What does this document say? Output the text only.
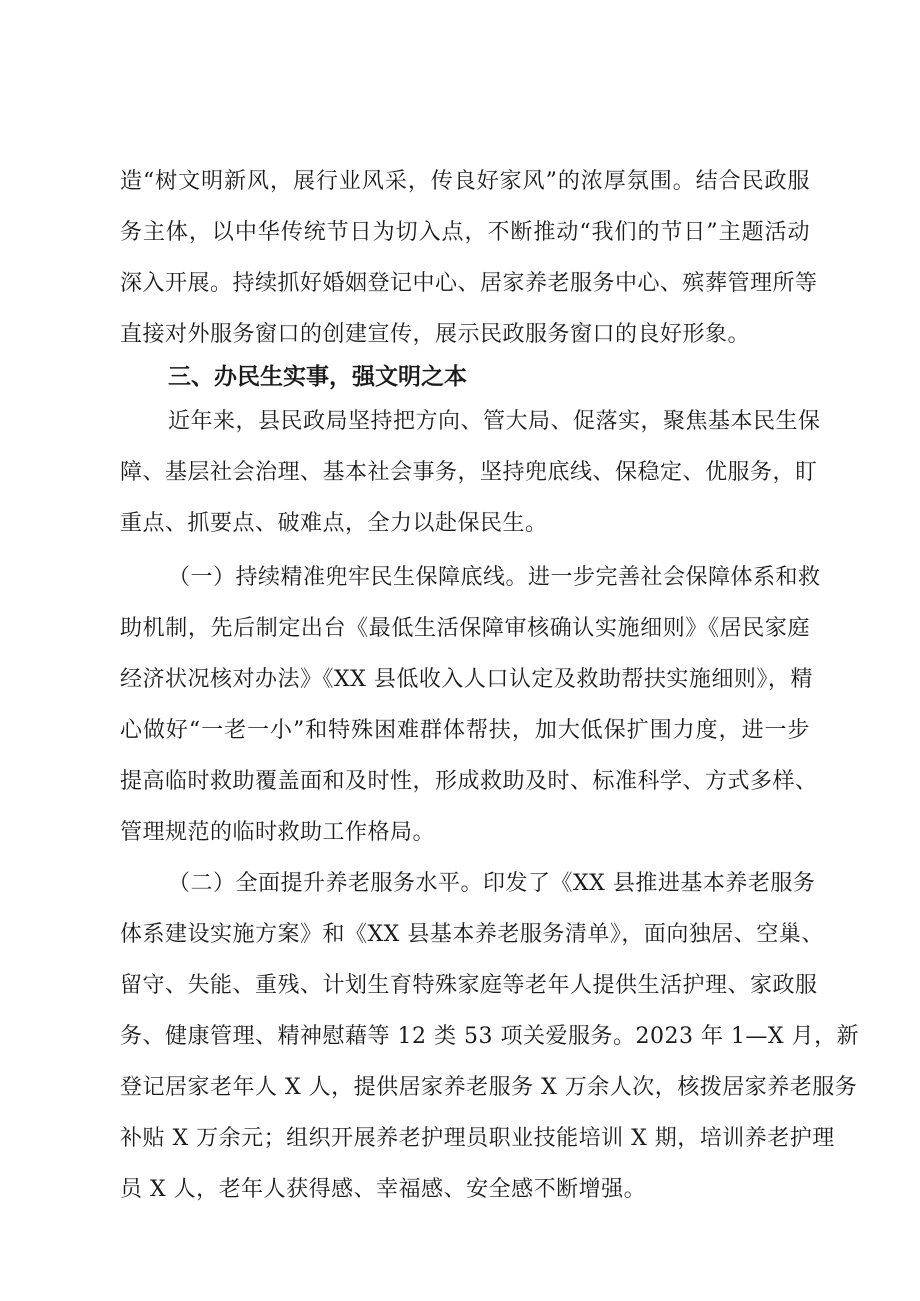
造“树文明新风，展行业风采，传良好家风”的浓厚氛围。结合民政服
务主体，以中华传统节日为切入点，不断推动“我们的节日”主题活动
深入开展。持续抓好婚姻登记中心、居家养老服务中心、殡葬管理所等
直接对外服务窗口的创建宣传，展示民政服务窗口的良好形象。
三、办民生实事，强文明之本
近年来，县民政局坚持把方向、管大局、促落实，聚焦基本民生保
障、基层社会治理、基本社会事务，坚持兜底线、保稳定、优服务，盯
重点、抓要点、破难点，全力以赴保民生。
（一）持续精准兜牢民生保障底线。进一步完善社会保障体系和救
助机制，先后制定出台《最低生活保障审核确认实施细则》《居民家庭
经济状况核对办法》《XX 县低收入人口认定及救助帮扶实施细则》，精
心做好“一老一小”和特殊困难群体帮扶，加大低保扩围力度，进一步
提高临时救助覆盖面和及时性，形成救助及时、标准科学、方式多样、
管理规范的临时救助工作格局。
（二）全面提升养老服务水平。印发了《XX 县推进基本养老服务
体系建设实施方案》和《XX 县基本养老服务清单》，面向独居、空巢、
留守、失能、重残、计划生育特殊家庭等老年人提供生活护理、家政服
务、健康管理、精神慰藉等 12 类 53 项关爱服务。2023 年 1—X 月，新
登记居家老年人 X 人，提供居家养老服务 X 万余人次，核拨居家养老服务
补贴 X 万余元；组织开展养老护理员职业技能培训 X 期，培训养老护理
员 X 人，老年人获得感、幸福感、安全感不断增强。
